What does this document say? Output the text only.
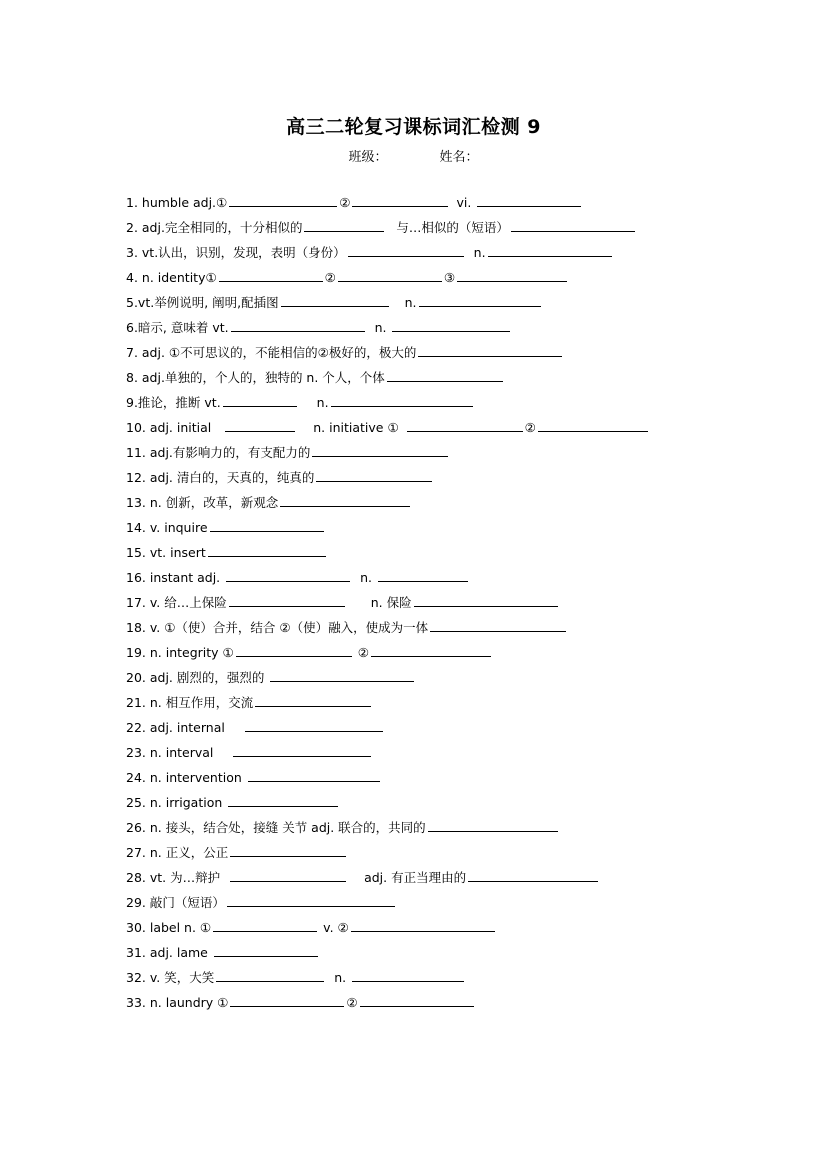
高三二轮复习课标词汇检测 9
班级：	姓名：
1. humble adj.①	②	vi.
2. adj.完全相同的，十分相似的	与…相似的（短语）
3. vt.认出，识别，发现，表明（身份）	n.
4. n. identity①	②	③
5.vt.举例说明, 阐明,配插图	n.
6.暗示, 意味着 vt.	n.
7. adj. ①不可思议的，不能相信的②极好的，极大的
8. adj.单独的，个人的，独特的 n. 个人，个体
9.推论，推断 vt.	n.
10. adj. initial	n. initiative ①	②
11. adj.有影响力的，有支配力的
12. adj. 清白的，天真的，纯真的
13. n. 创新，改革，新观念
14. v. inquire
15. vt. insert
16. instant adj.	n.
17. v. 给…上保险	n. 保险
18. v. ①（使）合并，结合 ②（使）融入，使成为一体
19. n. integrity ①	②
20. adj. 剧烈的，强烈的
21. n. 相互作用，交流
22. adj. internal
23. n. interval
24. n. intervention
25. n. irrigation
26. n. 接头，结合处，接缝 关节 adj. 联合的，共同的
27. n. 正义，公正
28. vt. 为…辩护	adj. 有正当理由的
29. 敲门（短语）
30. label n. ①	v. ②
31. adj. lame
32. v. 笑，大笑	n.
33. n. laundry ①	②
